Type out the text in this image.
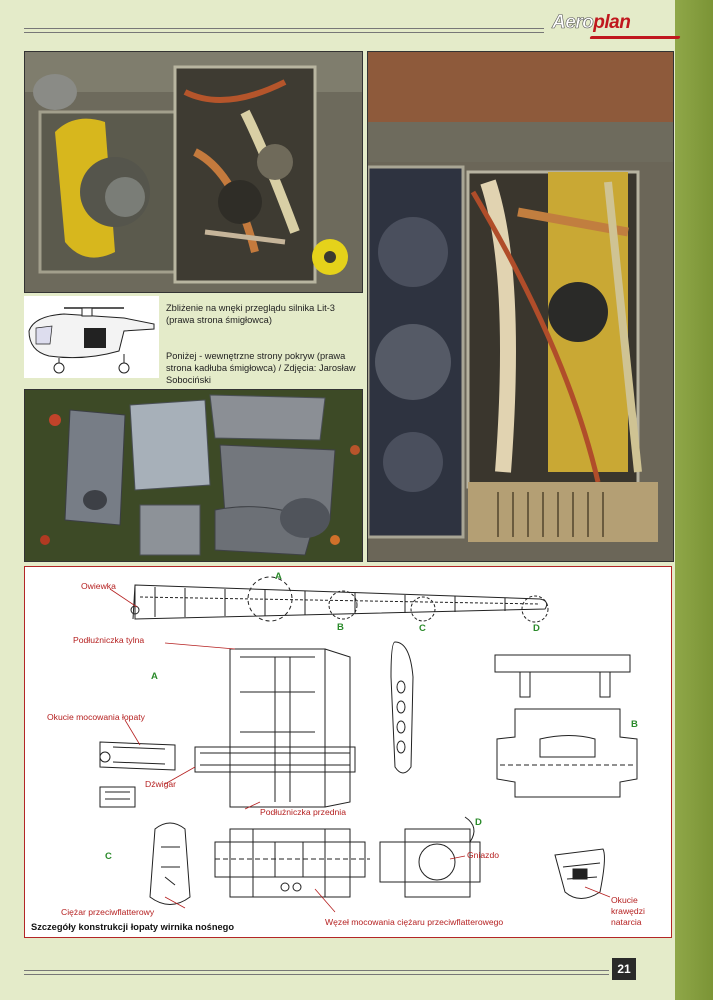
Aeroplan
Zbliżenie na wnęki przeglądu silnika Lit-3 (prawa strona śmigłowca)
Poniżej - wewnętrzne strony pokryw (prawa strona kadłuba śmigłowca) / Zdjęcia: Jarosław Sobociński
Owiewka
Podłużniczka tylna
Okucie mocowania łopaty
Dźwigar
Podłużniczka przednia
Gniazdo
Ciężar przeciwflatterowy
Węzeł mocowania ciężaru przeciwflatterowego
Okucie krawędzi natarcia
A
B	C	D
A
B
C
D
Szczegóły konstrukcji łopaty wirnika nośnego
21
